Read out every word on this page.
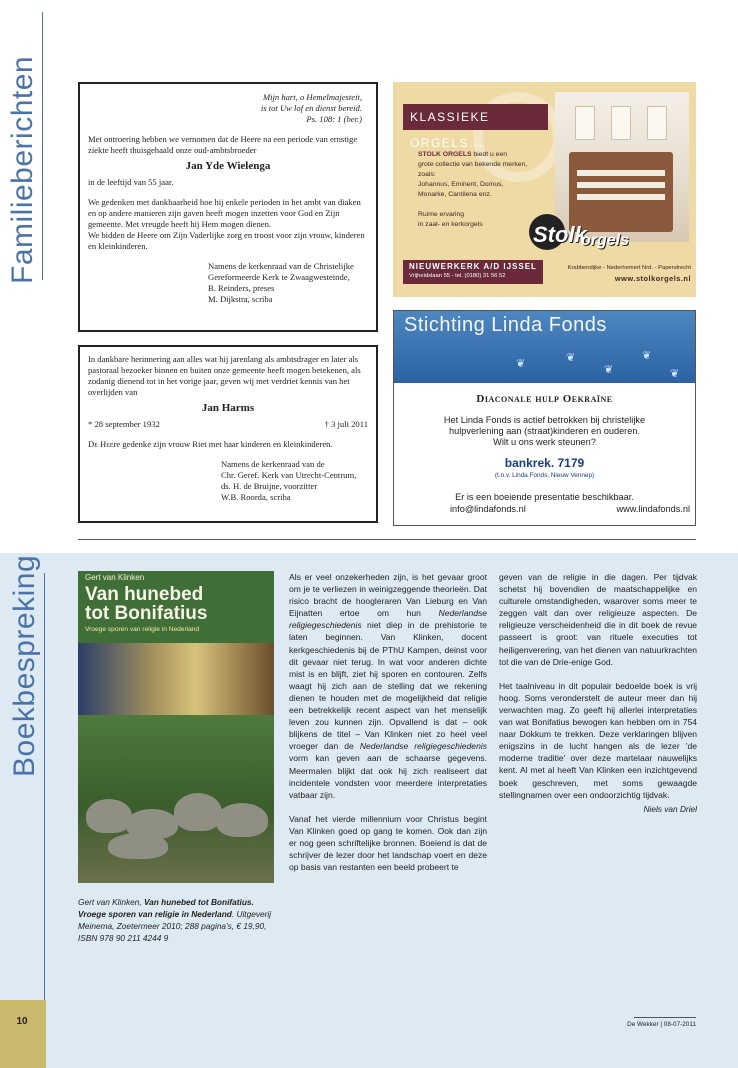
Familieberichten	Mijn hart, o Hemelmajesteit,

is tot Uw lof en dienst bereid.

Ps. 108: 1 (ber.)

Met ontroering hebben we vernomen dat de Heere na een periode van ernstige ziekte heeft thuisgehaald onze oud-ambtsbroeder

Jan Yde Wielenga

in de leeftijd van 55 jaar.

We gedenken met dankbaarheid hoe hij enkele perioden in het ambt van diaken en op andere manieren zijn gaven heeft mogen inzetten voor God en Zijn gemeente. Met vreugde heeft hij Hem mogen dienen.

We bidden de Heere om Zijn Vaderlijke zorg en troost voor zijn vrouw, kinderen en kleinkinderen.

Namens de kerkenraad van de Christelijke

Gereformeerde Kerk te Zwaagwesteinde,

B. Reinders, preses

M. Dijkstra, scriba

In dankbare herinnering aan alles wat hij jarenlang als ambtsdrager en later als pastoraal bezoeker binnen en buiten onze gemeente heeft mogen betekenen, als zodanig dienend tot in het vorige jaar, geven wij met verdriet kennis van het overlijden van

Jan Harms
* 28 september 1932	† 3 juli 2011

De Heere gedenke zijn vrouw Riet met haar kinderen en kleinkinderen.

Namens de kerkenraad van de

Chr. Geref. Kerk van Utrecht-Centrum,

ds. H. de Bruijne, voorzitter

W.B. Roorda, scriba

KLASSIEKE ORGELS...
STOLK ORGELS biedt u een
grote collectie van bekende merken,
zoals:
Johannus, Eminent, Domus,
Monarke, Cantilena enz.
Ruime ervaring
in zaal- en kerkorgels	Stolk
orgels
NIEUWERKERK A/D IJSSEL
Vrijheidslaan 55 - tel. (0180) 31 56 52
Krabbendijke - Nederhemert Nrd. - Papendrecht
www.stolkorgels.nl
Stichting Linda Fonds
❦	❦
❦
❦
❦
Diaconale hulp Oekraïne
Het Linda Fonds is actief betrokken bij christelijke
hulpverlening aan (straat)kinderen en ouderen.
Wilt u ons werk steunen?
bankrek. 7179
(t.n.v. Linda Fonds, Nieuw Vennep)
Er is een boeiende presentatie beschikbaar.
info@lindafonds.nl	www.lindafonds.nl
Boekbespreking
10
Gert van Klinken
Van hunebed
tot Bonifatius
Vroege sporen van religie in Nederland
Gert van Klinken, Van hunebed tot Bonifatius. Vroege sporen van religie in Nederland. Uitgeverij Meinema, Zoetermeer 2010; 288 pagina's, € 19,90, ISBN 978 90 211 4244 9

Als er veel onzekerheden zijn, is het gevaar groot om je te verliezen in weinigzeggende theorieën. Dat risico bracht de hoogleraren Van Lieburg en Van Eijnatten ertoe om hun Nederlandse religiegeschiedenis niet diep in de prehistorie te laten beginnen. Van Klinken, docent kerkgeschiedenis bij de PThU Kampen, deinst voor dit gevaar niet terug. In wat voor anderen dichte mist is en blijft, ziet hij sporen en contouren. Zelfs waagt hij zich aan de stelling dat we rekening dienen te houden met de mogelijkheid dat religie een betrekkelijk recent aspect van het menselijk leven zou kunnen zijn. Opvallend is dat – ook blijkens de titel – Van Klinken niet zo heel veel vroeger dan de Nederlandse religiegeschiedenis vorm kan geven aan de schaarse gegevens. Meermalen blijkt dat ook hij zich realiseert dat incidentele vondsten voor meerdere interpretaties vatbaar zijn.

Vanaf het vierde millennium voor Christus begint Van Klinken goed op gang te komen. Ook dan zijn er nog geen schriftelijke bronnen. Boeiend is dat de schrijver de lezer door het landschap voert en deze op basis van restanten een beeld probeert te

geven van de religie in die dagen. Per tijdvak schetst hij bovendien de maatschappelijke en culturele omstandigheden, waarover soms meer te zeggen valt dan over religieuze aspecten. De religieuze verscheidenheid die in dit boek de revue passeert is groot: van rituele executies tot heiligenverering, van het dienen van natuurkrachten tot die van de Drie-enige God.

Het taalniveau in dit populair bedoelde boek is vrij hoog. Soms veronderstelt de auteur meer dan hij verwachten mag. Zo geeft hij allerlei interpretaties van wat Bonifatius bewogen kan hebben om in 754 naar Dokkum te trekken. Deze verklaringen blijven enigszins in de lucht hangen als de lezer 'de moderne traditie' over deze martelaar nauwelijks kent. Al met al heeft Van Klinken een inzichtgevend boek geschreven, met soms gewaagde stellingnamen over een ondoorzichtig tijdvak.

Niels van Driel
De Wekker | 08-07-2011
